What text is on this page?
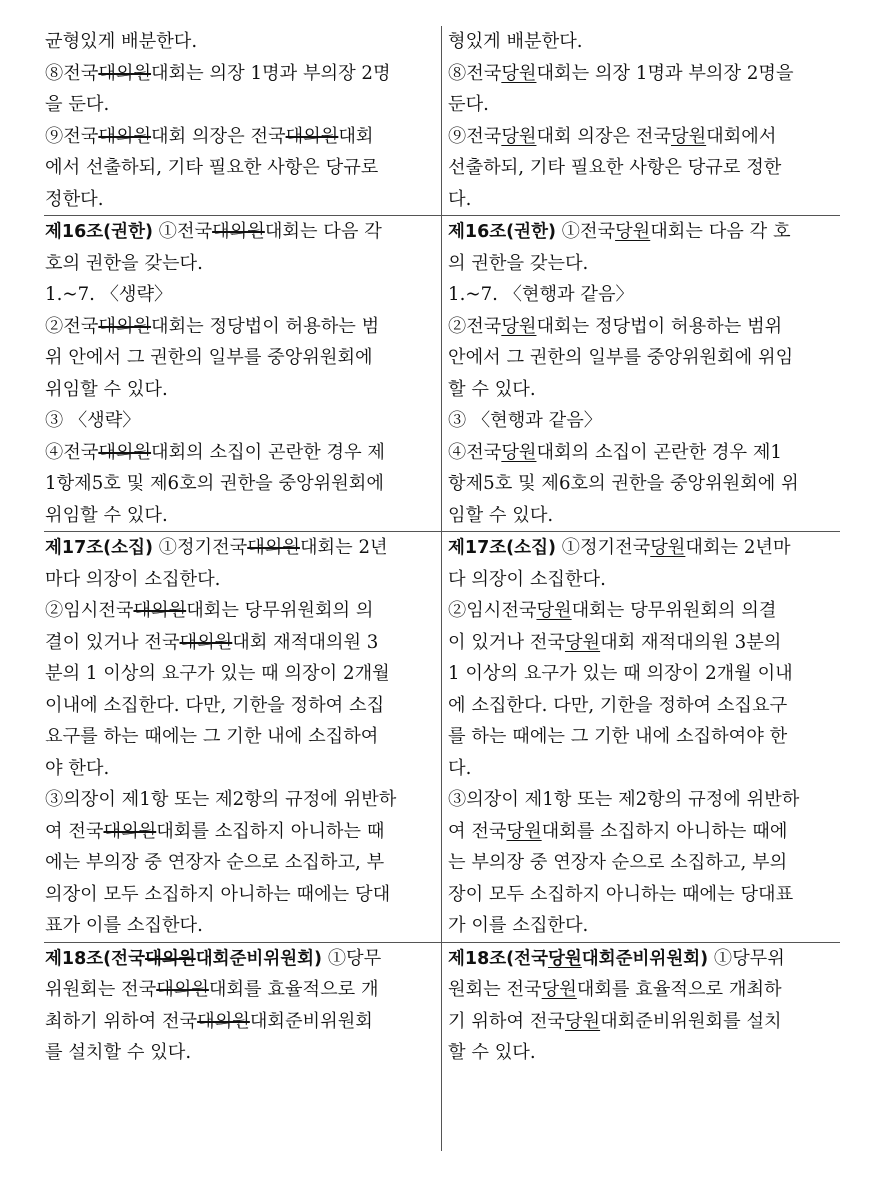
균형있게 배분한다.
⑧전국대의원대회는 의장 1명과 부의장 2명
을 둔다.
⑨전국대의원대회 의장은 전국대의원대회
에서 선출하되, 기타 필요한 사항은 당규로
정한다.
형있게 배분한다.
⑧전국당원대회는 의장 1명과 부의장 2명을
둔다.
⑨전국당원대회 의장은 전국당원대회에서
선출하되, 기타 필요한 사항은 당규로 정한
다.
제16조(권한) ①전국대의원대회는 다음 각
호의 권한을 갖는다.
1.~7. 〈생략〉
②전국대의원대회는 정당법이 허용하는 범
위 안에서 그 권한의 일부를 중앙위원회에
위임할 수 있다.
③ 〈생략〉
④전국대의원대회의 소집이 곤란한 경우 제
1항제5호 및 제6호의 권한을 중앙위원회에
위임할 수 있다.
제16조(권한) ①전국당원대회는 다음 각 호
의 권한을 갖는다.
1.~7. 〈현행과 같음〉
②전국당원대회는 정당법이 허용하는 범위
안에서 그 권한의 일부를 중앙위원회에 위임
할 수 있다.
③ 〈현행과 같음〉
④전국당원대회의 소집이 곤란한 경우 제1
항제5호 및 제6호의 권한을 중앙위원회에 위
임할 수 있다.
제17조(소집) ①정기전국대의원대회는 2년
마다 의장이 소집한다.
②임시전국대의원대회는 당무위원회의 의
결이 있거나 전국대의원대회 재적대의원 3
분의 1 이상의 요구가 있는 때 의장이 2개월
이내에 소집한다. 다만, 기한을 정하여 소집
요구를 하는 때에는 그 기한 내에 소집하여
야 한다.
③의장이 제1항 또는 제2항의 규정에 위반하
여 전국대의원대회를 소집하지 아니하는 때
에는 부의장 중 연장자 순으로 소집하고, 부
의장이 모두 소집하지 아니하는 때에는 당대
표가 이를 소집한다.
제17조(소집) ①정기전국당원대회는 2년마
다 의장이 소집한다.
②임시전국당원대회는 당무위원회의 의결
이 있거나 전국당원대회 재적대의원 3분의
1 이상의 요구가 있는 때 의장이 2개월 이내
에 소집한다. 다만, 기한을 정하여 소집요구
를 하는 때에는 그 기한 내에 소집하여야 한
다.
③의장이 제1항 또는 제2항의 규정에 위반하
여 전국당원대회를 소집하지 아니하는 때에
는 부의장 중 연장자 순으로 소집하고, 부의
장이 모두 소집하지 아니하는 때에는 당대표
가 이를 소집한다.
제18조(전국대의원대회준비위원회) ①당무
위원회는 전국대의원대회를 효율적으로 개
최하기 위하여 전국대의원대회준비위원회
를 설치할 수 있다.
제18조(전국당원대회준비위원회) ①당무위
원회는 전국당원대회를 효율적으로 개최하
기 위하여 전국당원대회준비위원회를 설치
할 수 있다.
